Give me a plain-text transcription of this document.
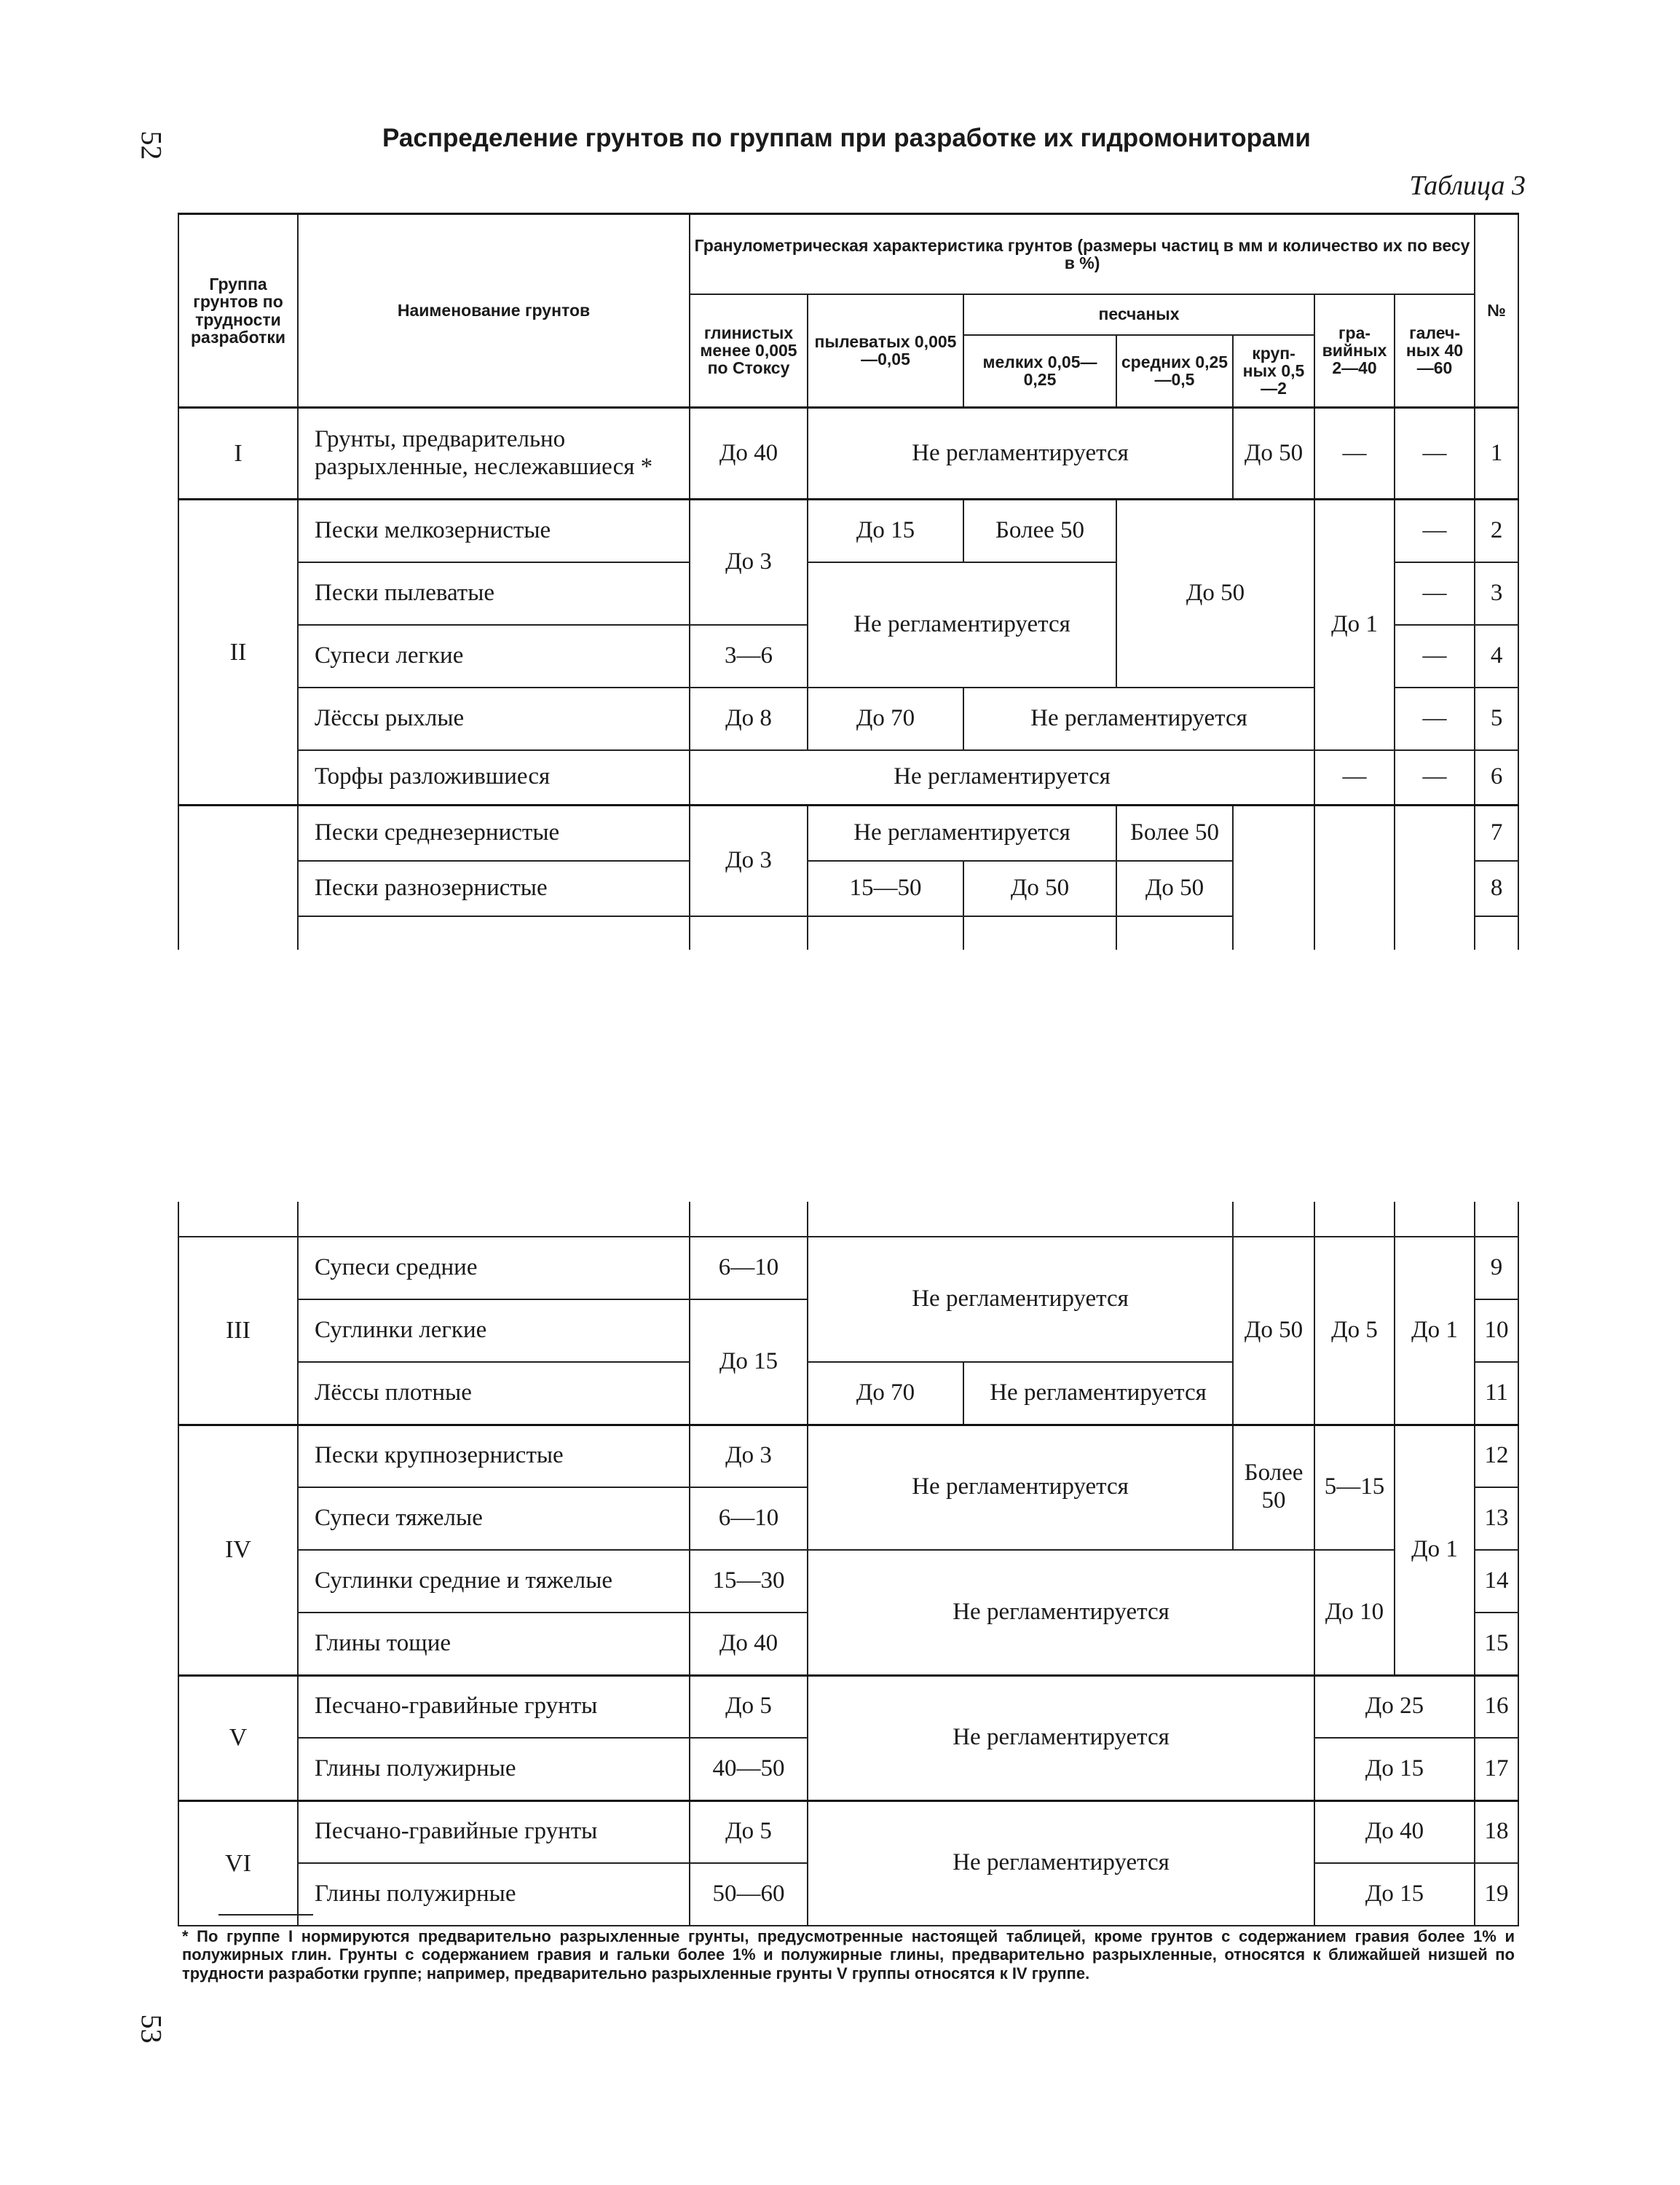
52	Распределение грунтов по группам при разработке их гидромониторами
Таблица 3
Группа грунтов по трудности разработки	Наименование грунтов	Гранулометрическая характеристика грунтов (размеры частиц в мм и количество их по весу в %)							№	
		глинистых менее 0,005 по Стоксу	пылеватых 0,005—0,05	песчаных			гра-вийных 2—40	галеч-ных 40—60		
				мелких 0,05—0,25	средних 0,25—0,5	круп-ных 0,5—2				
I	Грунты, предварительно разрыхленные, неслежавшиеся *	До 40	Не регламентируется			До 50	—	—	1	
II	Пески мелкозернистые	До 3	До 15	Более 50	До 50		До 1	—	2	
	Пески пылеватые		Не регламентируется					—	3	
	Супеси легкие	3—6						—	4	
	Лёссы рыхлые	До 8	До 70	Не регламентируется				—	5	
	Торфы разложившиеся	Не регламентируется					—	—	6	
	Пески среднезернистые	До 3	Не регламентируется		Более 50				7	
	Пески разнозернистые		15—50	До 50	До 50				8	

III	Супеси средние	6—10	Не регламентируется		До 50	До 5	До 1	9
	Суглинки легкие	До 15						10
	Лёссы плотные		До 70	Не регламентируется				11
IV	Пески крупнозернистые	До 3	Не регламентируется		Более 50	5—15	До 1	12
	Супеси тяжелые	6—10						13
	Суглинки средние и тяжелые	15—30	Не регламентируется			До 10		14
	Глины тощие	До 40						15
V	Песчано-гравийные грунты	До 5	Не регламентируется			До 25		16
	Глины полужирные	40—50				До 15		17
VI	Песчано-гравийные грунты	До 5	Не регламентируется			До 40		18
	Глины полужирные	50—60				До 15		19
* По группе I нормируются предварительно разрыхленные грунты, предусмотренные настоящей таблицей, кроме грунтов с содержанием гравия более 1% и полужирных глин. Грунты с содержанием гравия и гальки более 1% и полужирные глины, предварительно разрыхленные, относятся к ближайшей низшей по трудности разработки группе; например, предварительно разрыхленные грунты V группы относятся к IV группе.
53
